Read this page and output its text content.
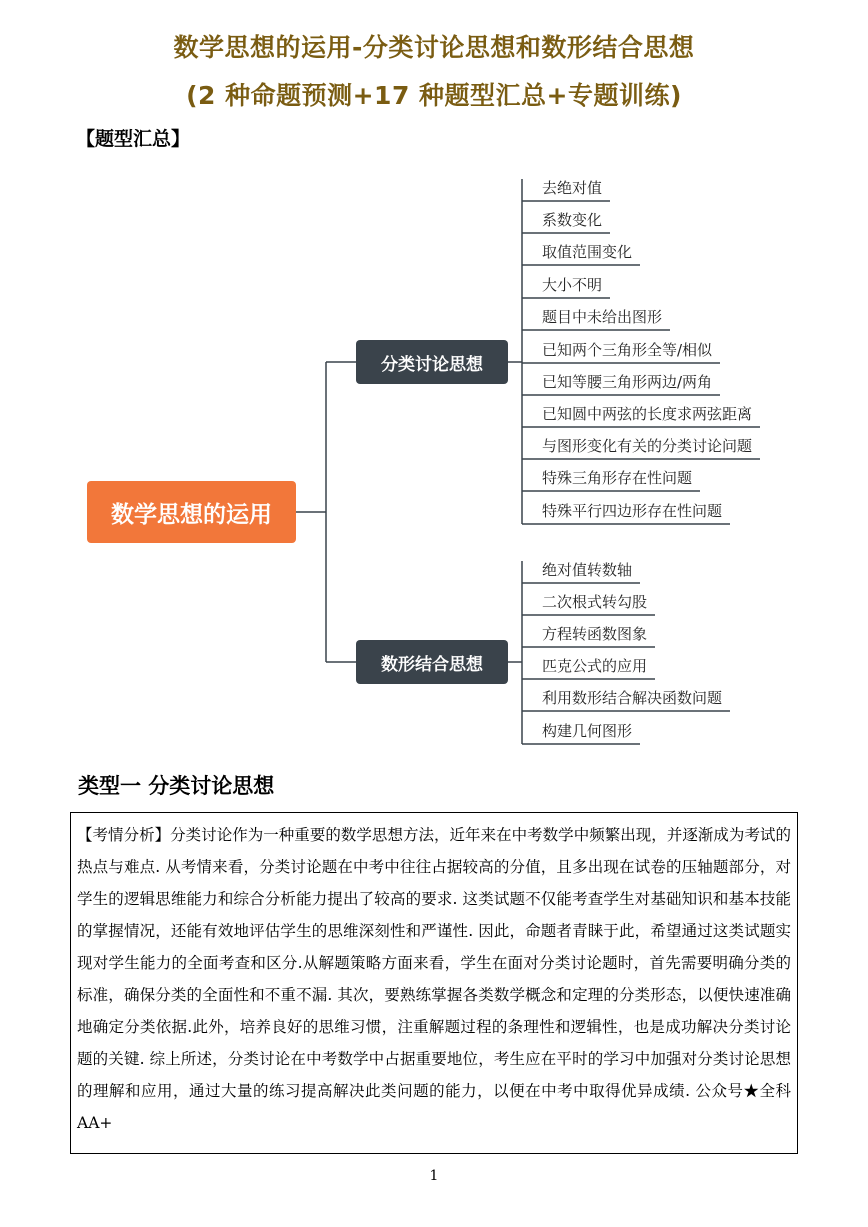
数学思想的运用-分类讨论思想和数形结合思想
(2 种命题预测+17 种题型汇总+专题训练)
【题型汇总】
数学思想的运用
分类讨论思想
数形结合思想
去绝对值
系数变化
取值范围变化
大小不明
题目中未给出图形
已知两个三角形全等/相似
已知等腰三角形两边/两角
已知圆中两弦的长度求两弦距离
与图形变化有关的分类讨论问题
特殊三角形存在性问题
特殊平行四边形存在性问题
绝对值转数轴
二次根式转勾股
方程转函数图象
匹克公式的应用
利用数形结合解决函数问题
构建几何图形
类型一 分类讨论思想
【考情分析】分类讨论作为一种重要的数学思想方法，近年来在中考数学中频繁出现，并逐渐成为考试的热点与难点. 从考情来看，分类讨论题在中考中往往占据较高的分值，且多出现在试卷的压轴题部分，对学生的逻辑思维能力和综合分析能力提出了较高的要求. 这类试题不仅能考查学生对基础知识和基本技能的掌握情况，还能有效地评估学生的思维深刻性和严谨性. 因此，命题者青睐于此，希望通过这类试题实现对学生能力的全面考查和区分.从解题策略方面来看，学生在面对分类讨论题时，首先需要明确分类的标准，确保分类的全面性和不重不漏. 其次，要熟练掌握各类数学概念和定理的分类形态，以便快速准确地确定分类依据.此外，培养良好的思维习惯，注重解题过程的条理性和逻辑性，也是成功解决分类讨论题的关键. 综上所述，分类讨论在中考数学中占据重要地位，考生应在平时的学习中加强对分类讨论思想的理解和应用，通过大量的练习提高解决此类问题的能力，以便在中考中取得优异成绩. 公众号★全科AA+
1
